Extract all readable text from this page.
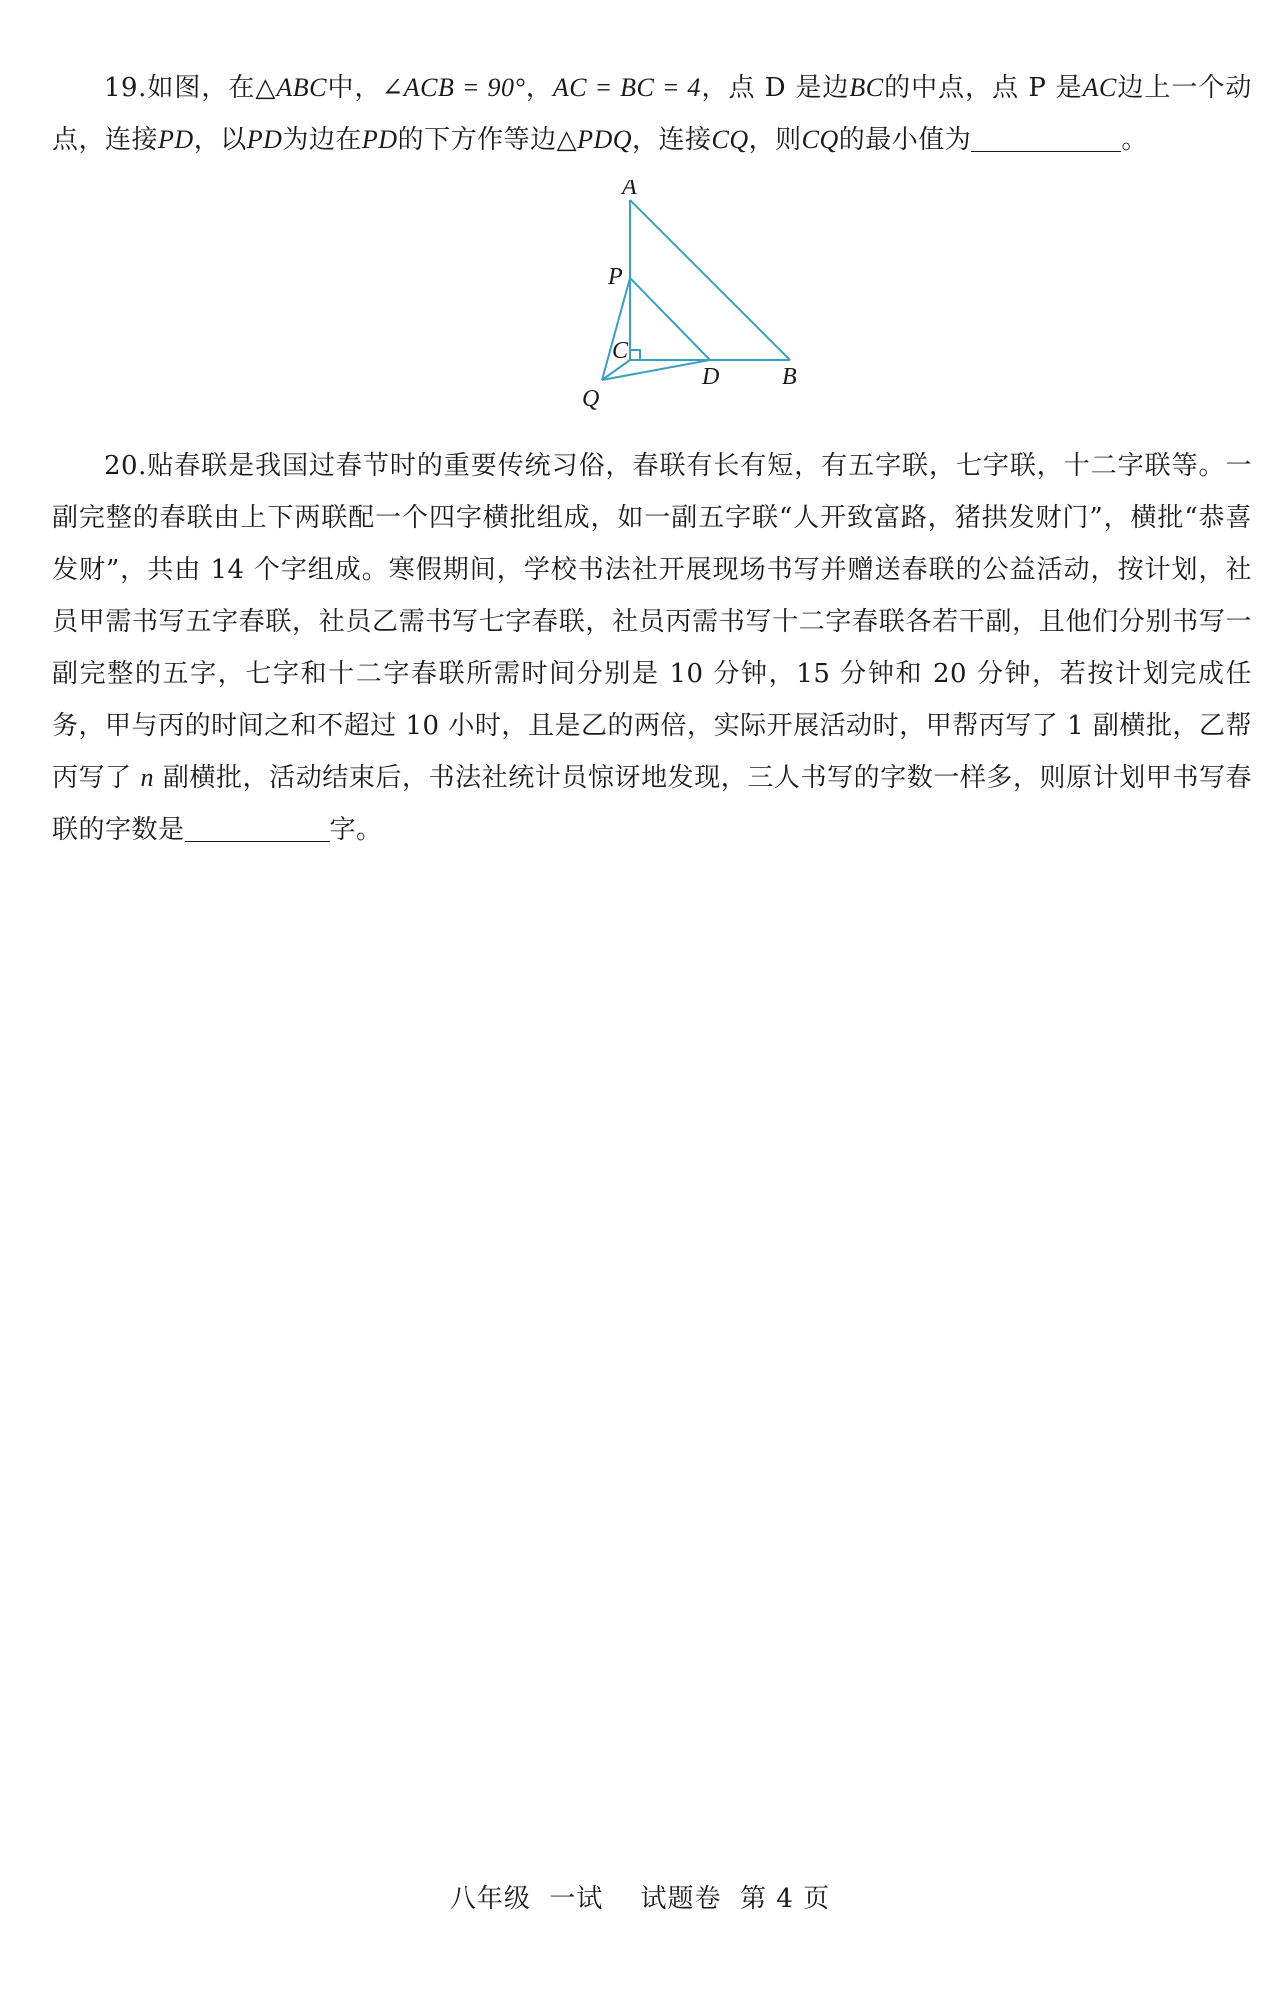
19.如图，在△ABC中，∠ACB = 90°，AC = BC = 4，点 D 是边BC的中点，点 P 是AC边上一个动点，连接PD，以PD为边在PD的下方作等边△PDQ，连接CQ，则CQ的最小值为	。
A
P
C
D	B
Q
20.贴春联是我国过春节时的重要传统习俗，春联有长有短，有五字联，七字联，十二字联等。一副完整的春联由上下两联配一个四字横批组成，如一副五字联“人开致富路，猪拱发财门”，横批“恭喜发财”，共由 14 个字组成。寒假期间，学校书法社开展现场书写并赠送春联的公益活动，按计划，社员甲需书写五字春联，社员乙需书写七字春联，社员丙需书写十二字春联各若干副，且他们分别书写一副完整的五字，七字和十二字春联所需时间分别是 10 分钟，15 分钟和 20 分钟，若按计划完成任务，甲与丙的时间之和不超过 10 小时，且是乙的两倍，实际开展活动时，甲帮丙写了 1 副横批，乙帮丙写了 n 副横批，活动结束后，书法社统计员惊讶地发现，三人书写的字数一样多，则原计划甲书写春联的字数是	字。
八年级  一试    试题卷  第 4 页
